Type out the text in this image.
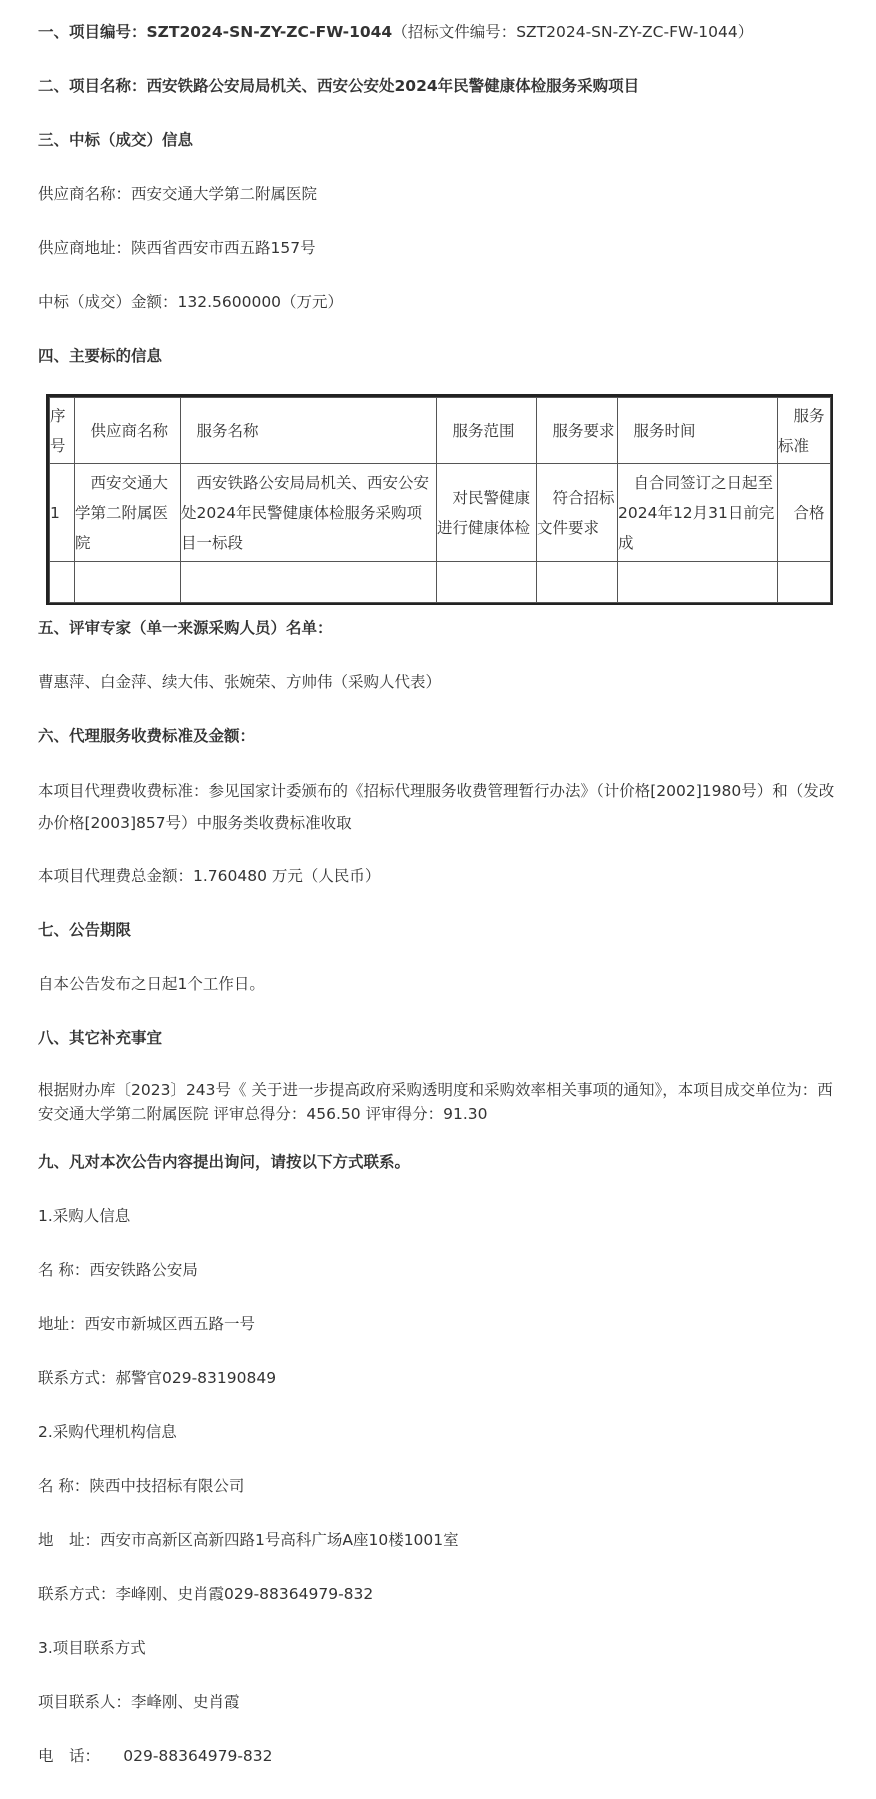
一、项目编号：SZT2024-SN-ZY-ZC-FW-1044（招标文件编号：SZT2024-SN-ZY-ZC-FW-1044）
二、项目名称：西安铁路公安局局机关、西安公安处2024年民警健康体检服务采购项目
三、中标（成交）信息
供应商名称：西安交通大学第二附属医院
供应商地址：陕西省西安市西五路157号
中标（成交）金额：132.5600000（万元）
四、主要标的信息
序号	供应商名称	服务名称	服务范围	服务要求	服务时间	服务标准
1	西安交通大学第二附属医院	西安铁路公安局局机关、西安公安处2024年民警健康体检服务采购项目一标段	对民警健康进行健康体检	符合招标文件要求	自合同签订之日起至2024年12月31日前完成	合格

五、评审专家（单一来源采购人员）名单：
曹惠萍、白金萍、续大伟、张婉荣、方帅伟（采购人代表）
六、代理服务收费标准及金额：
本项目代理费收费标准：参见国家计委颁布的《招标代理服务收费管理暂行办法》（计价格[2002]1980号）和（发改办价格[2003]857号）中服务类收费标准收取
本项目代理费总金额：1.760480 万元（人民币）
七、公告期限
自本公告发布之日起1个工作日。
八、其它补充事宜
根据财办库〔2023〕243号《 关于进一步提高政府采购透明度和采购效率相关事项的通知》，本项目成交单位为：西安交通大学第二附属医院 评审总得分：456.50 评审得分：91.30
九、凡对本次公告内容提出询问，请按以下方式联系。
1.采购人信息
名 称：西安铁路公安局
地址：西安市新城区西五路一号
联系方式：郝警官029-83190849
2.采购代理机构信息
名 称：陕西中技招标有限公司
地　址：西安市高新区高新四路1号高科广场A座10楼1001室
联系方式：李峰刚、史肖霞029-88364979-832
3.项目联系方式
项目联系人：李峰刚、史肖霞
电　话：　　029-88364979-832
